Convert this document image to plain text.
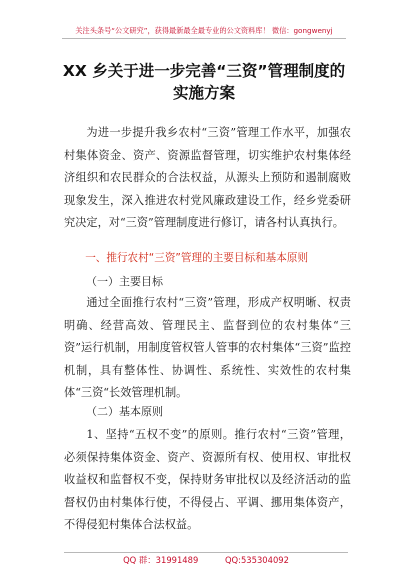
关注头条号“公文研究”，获得最新最全最专业的公文资料库！ 微信：gongwenyj
XX 乡关于进一步完善“三资”管理制度的
实施方案
为进一步提升我乡农村“三资”管理工作水平，加强农村集体资金、资产、资源监督管理，切实维护农村集体经济组织和农民群众的合法权益，从源头上预防和遏制腐败现象发生，深入推进农村党风廉政建设工作，经乡党委研究决定，对“三资”管理制度进行修订，请各村认真执行。
一、推行农村“三资”管理的主要目标和基本原则
（一）主要目标
通过全面推行农村“三资”管理，形成产权明晰、权责明确、经营高效、管理民主、监督到位的农村集体“三资”运行机制，用制度管权管人管事的农村集体“三资”监控机制，具有整体性、协调性、系统性、实效性的农村集体“三资“长效管理机制。
（二）基本原则
1、坚持“五权不变”的原则。推行农村“三资”管理，必须保持集体资金、资产、资源所有权、使用权、审批权收益权和监督权不变，保持财务审批权以及经济活动的监督权仍由村集体行使，不得侵占、平调、挪用集体资产，不得侵犯村集体合法权益。
QQ 群：31991489	QQ:535304092
